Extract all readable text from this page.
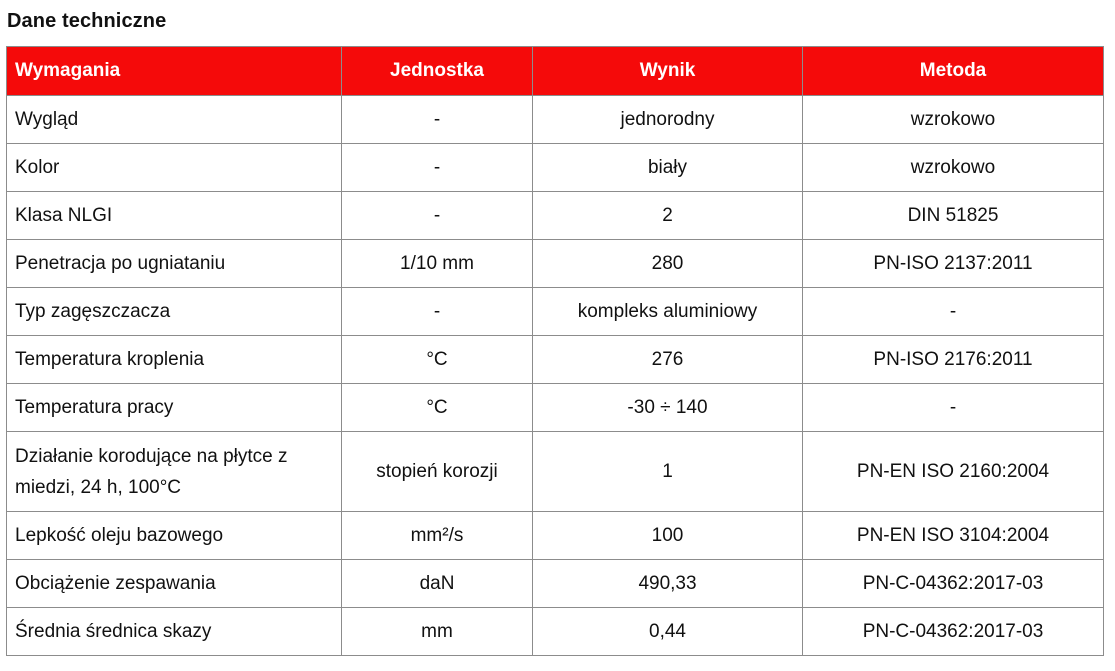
Dane techniczne
Wymagania	Jednostka	Wynik	Metoda
Wygląd	-	jednorodny	wzrokowo
Kolor	-	biały	wzrokowo
Klasa NLGI	-	2	DIN 51825
Penetracja po ugniataniu	1/10 mm	280	PN-ISO 2137:2011
Typ zagęszczacza	-	kompleks aluminiowy	-
Temperatura kroplenia	°C	276	PN-ISO 2176:2011
Temperatura pracy	°C	-30 ÷ 140	-
Działanie korodujące na płytce z miedzi, 24 h, 100°C	stopień korozji	1	PN-EN ISO 2160:2004
Lepkość oleju bazowego	mm²/s	100	PN-EN ISO 3104:2004
Obciążenie zespawania	daN	490,33	PN-C-04362:2017-03
Średnia średnica skazy	mm	0,44	PN-C-04362:2017-03
